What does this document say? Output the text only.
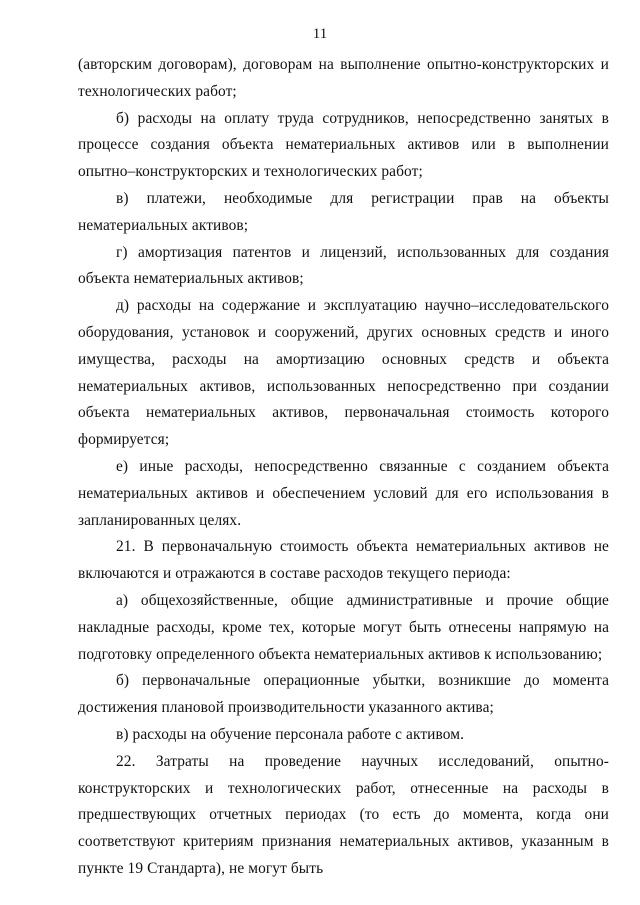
11

(авторским договорам), договорам на выполнение опытно-конструкторских и технологических работ;

б) расходы на оплату труда сотрудников, непосредственно занятых в процессе создания объекта нематериальных активов или в выполнении опытно–конструкторских и технологических работ;

в) платежи, необходимые для регистрации прав на объекты нематериальных активов;

г) амортизация патентов и лицензий, использованных для создания объекта нематериальных активов;

д) расходы на содержание и эксплуатацию научно–исследовательского оборудования, установок и сооружений, других основных средств и иного имущества, расходы на амортизацию основных средств и объекта нематериальных активов, использованных непосредственно при создании объекта нематериальных активов, первоначальная стоимость которого формируется;

е) иные расходы, непосредственно связанные с созданием объекта нематериальных активов и обеспечением условий для его использования в запланированных целях.

21. В первоначальную стоимость объекта нематериальных активов не включаются и отражаются в составе расходов текущего периода:

а) общехозяйственные, общие административные и прочие общие накладные расходы, кроме тех, которые могут быть отнесены напрямую на подготовку определенного объекта нематериальных активов к использованию;

б) первоначальные операционные убытки, возникшие до момента достижения плановой производительности указанного актива;

в) расходы на обучение персонала работе с активом.

22. Затраты на проведение научных исследований, опытно-конструкторских и технологических работ, отнесенные на расходы в предшествующих отчетных периодах (то есть до момента, когда они соответствуют критериям признания нематериальных активов, указанным в пункте 19 Стандарта), не могут быть
